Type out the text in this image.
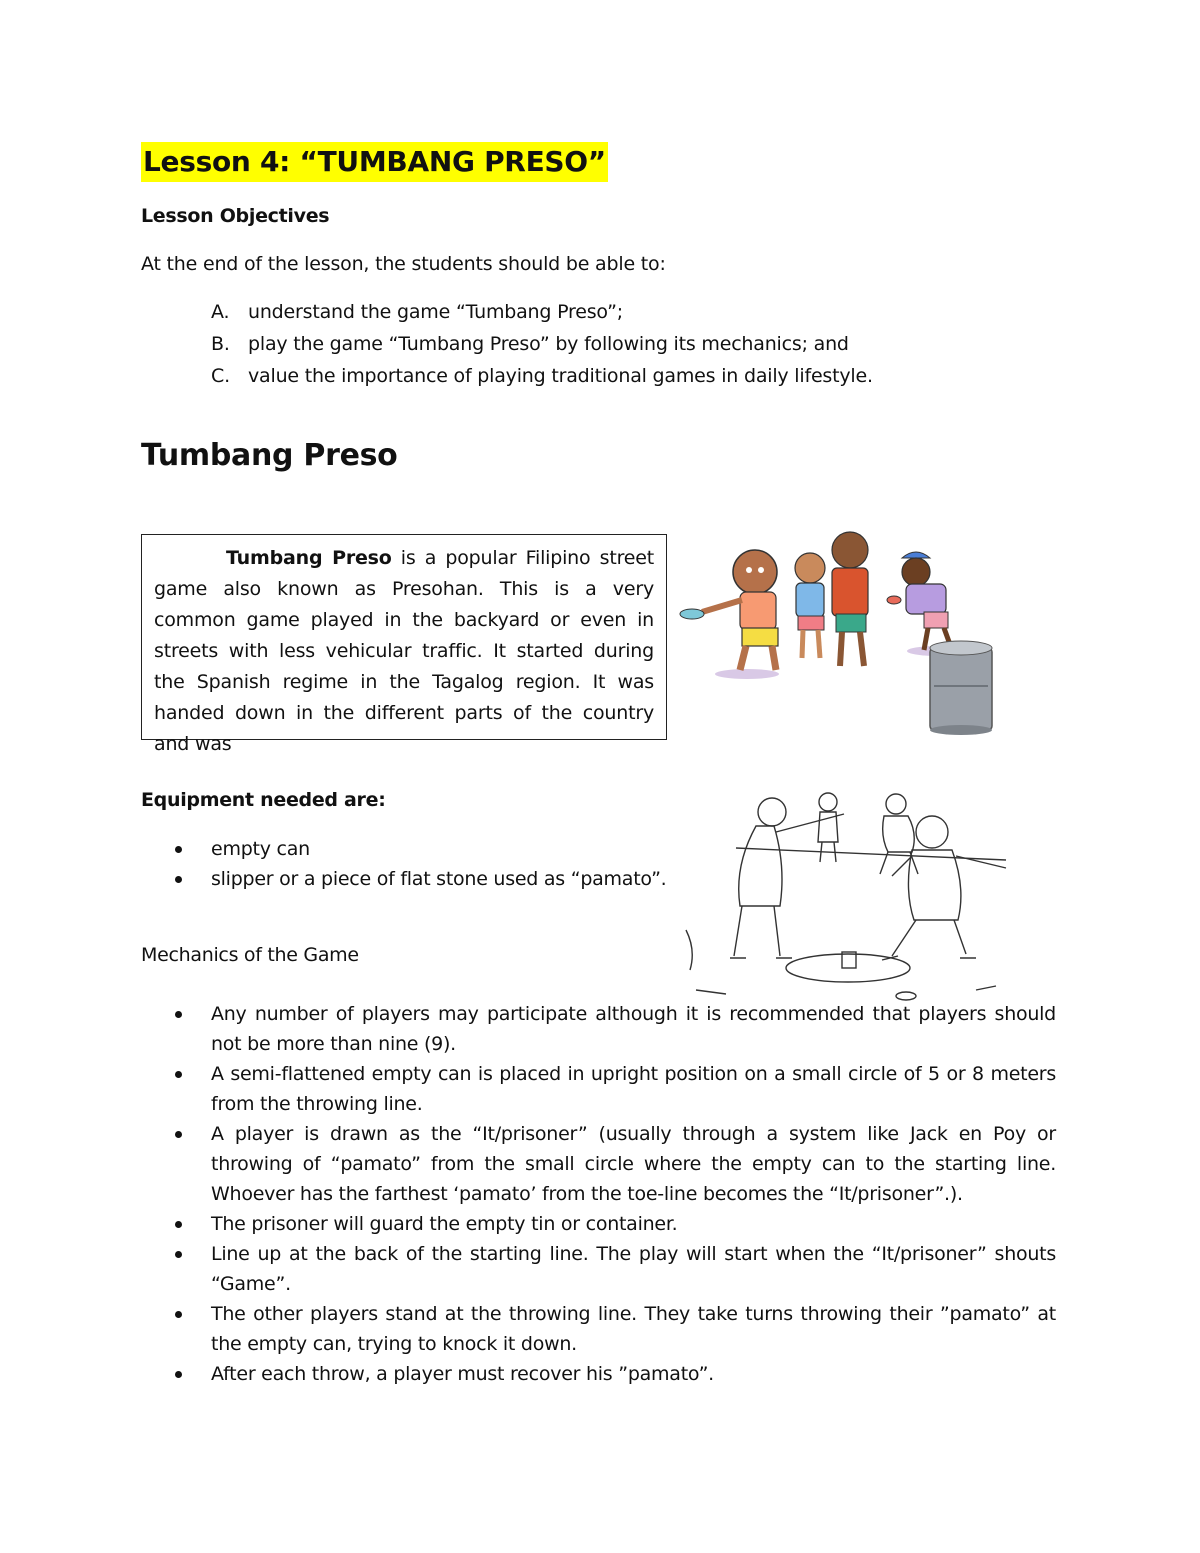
Lesson 4: “TUMBANG PRESO”
Lesson Objectives
At the end of the lesson, the students should be able to:
A. understand the game “Tumbang Preso”;
B. play the game “Tumbang Preso” by following its mechanics; and
C. value the importance of playing traditional games in daily lifestyle.
Tumbang Preso

Tumbang Preso is a popular Filipino street game also known as Presohan. This is a very common game played in the backyard or even in streets with less vehicular traffic. It started during the Spanish regime in the Tagalog region. It was handed down in the different parts of the country and was

Equipment needed are:
empty can
slipper or a piece of flat stone used as “pamato”.
Mechanics of the Game
Any number of players may participate although it is recommended that players should not be more than nine (9).
A semi-flattened empty can is placed in upright position on a small circle of 5 or 8 meters from the throwing line.
A player is drawn as the “It/prisoner” (usually through a system like Jack en Poy or throwing of “pamato” from the small circle where the empty can to the starting line. Whoever has the farthest ‘pamato’ from the toe-line becomes the “It/prisoner”.).
The prisoner will guard the empty tin or container.
Line up at the back of the starting line. The play will start when the “It/prisoner” shouts “Game”.
The other players stand at the throwing line. They take turns throwing their ”pamato” at the empty can, trying to knock it down.
After each throw, a player must recover his ”pamato”.
